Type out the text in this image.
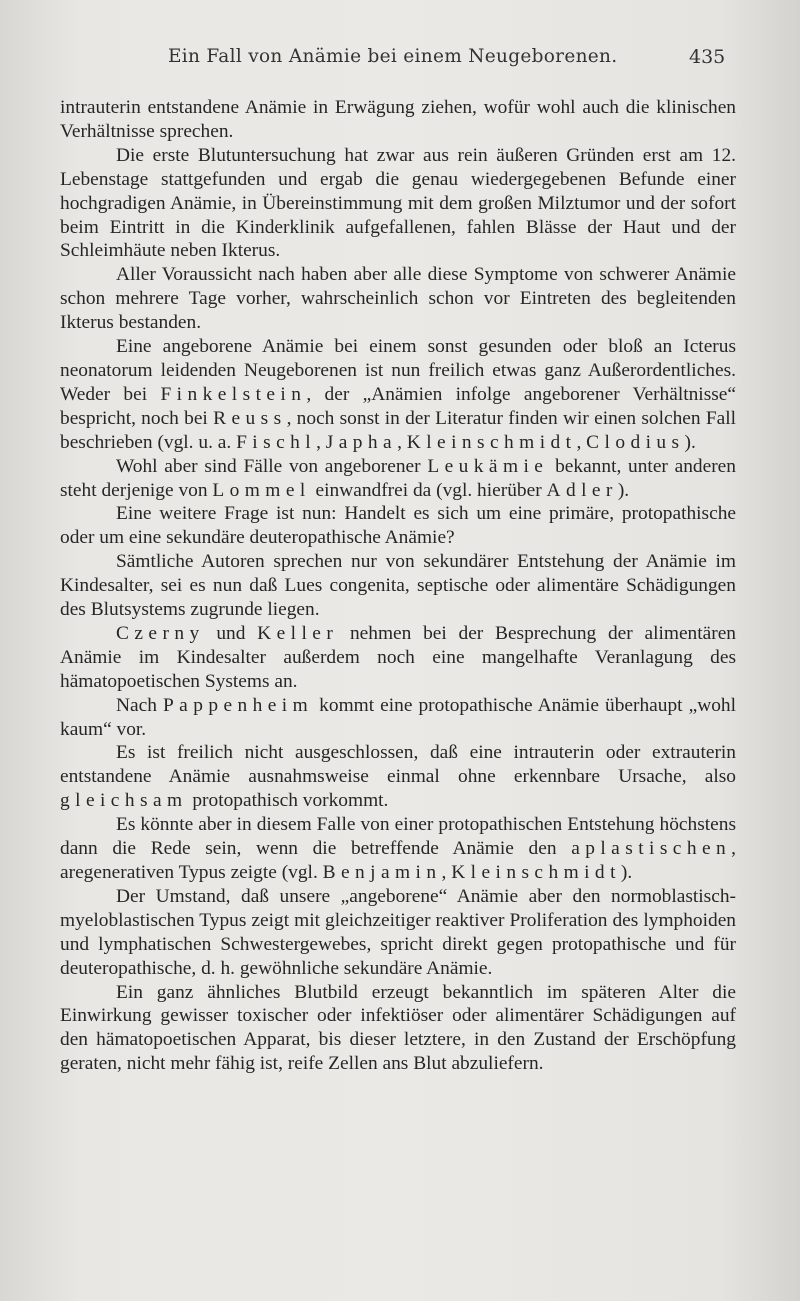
Ein Fall von Anämie bei einem Neugeborenen.	435

intrauterin entstandene Anämie in Erwägung ziehen, wofür wohl auch die klinischen Verhältnisse sprechen.

Die erste Blutuntersuchung hat zwar aus rein äußeren Gründen erst am 12. Lebenstage stattgefunden und ergab die genau wiedergegebenen Befunde einer hochgradigen Anämie, in Übereinstimmung mit dem großen Milztumor und der sofort beim Eintritt in die Kinderklinik aufgefallenen, fahlen Blässe der Haut und der Schleimhäute neben Ikterus.

Aller Voraussicht nach haben aber alle diese Symptome von schwerer Anämie schon mehrere Tage vorher, wahrscheinlich schon vor Eintreten des begleitenden Ikterus bestanden.

Eine angeborene Anämie bei einem sonst gesunden oder bloß an Icterus neonatorum leidenden Neugeborenen ist nun freilich etwas ganz Außerordentliches. Weder bei Finkelstein, der „Anämien infolge angeborener Verhältnisse“ bespricht, noch bei Reuss, noch sonst in der Literatur finden wir einen solchen Fall beschrieben (vgl. u. a. Fischl, Japha, Kleinschmidt, Clodius).

Wohl aber sind Fälle von angeborener Leukämie bekannt, unter anderen steht derjenige von Lommel einwandfrei da (vgl. hierüber Adler).

Eine weitere Frage ist nun: Handelt es sich um eine primäre, protopathische oder um eine sekundäre deuteropathische Anämie?

Sämtliche Autoren sprechen nur von sekundärer Entstehung der Anämie im Kindesalter, sei es nun daß Lues congenita, septische oder alimentäre Schädigungen des Blutsystems zugrunde liegen.

Czerny und Keller nehmen bei der Besprechung der alimentären Anämie im Kindesalter außerdem noch eine mangelhafte Veranlagung des hämatopoetischen Systems an.

Nach Pappenheim kommt eine protopathische Anämie überhaupt „wohl kaum“ vor.

Es ist freilich nicht ausgeschlossen, daß eine intrauterin oder extrauterin entstandene Anämie ausnahmsweise einmal ohne erkennbare Ursache, also gleichsam protopathisch vorkommt.

Es könnte aber in diesem Falle von einer protopathischen Entstehung höchstens dann die Rede sein, wenn die betreffende Anämie den aplastischen, aregenerativen Typus zeigte (vgl. Benjamin, Kleinschmidt).

Der Umstand, daß unsere „angeborene“ Anämie aber den normoblastisch-myeloblastischen Typus zeigt mit gleichzeitiger reaktiver Proliferation des lymphoiden und lymphatischen Schwestergewebes, spricht direkt gegen protopathische und für deuteropathische, d. h. gewöhnliche sekundäre Anämie.

Ein ganz ähnliches Blutbild erzeugt bekanntlich im späteren Alter die Einwirkung gewisser toxischer oder infektiöser oder alimentärer Schädigungen auf den hämatopoetischen Apparat, bis dieser letztere, in den Zustand der Erschöpfung geraten, nicht mehr fähig ist, reife Zellen ans Blut abzuliefern.
